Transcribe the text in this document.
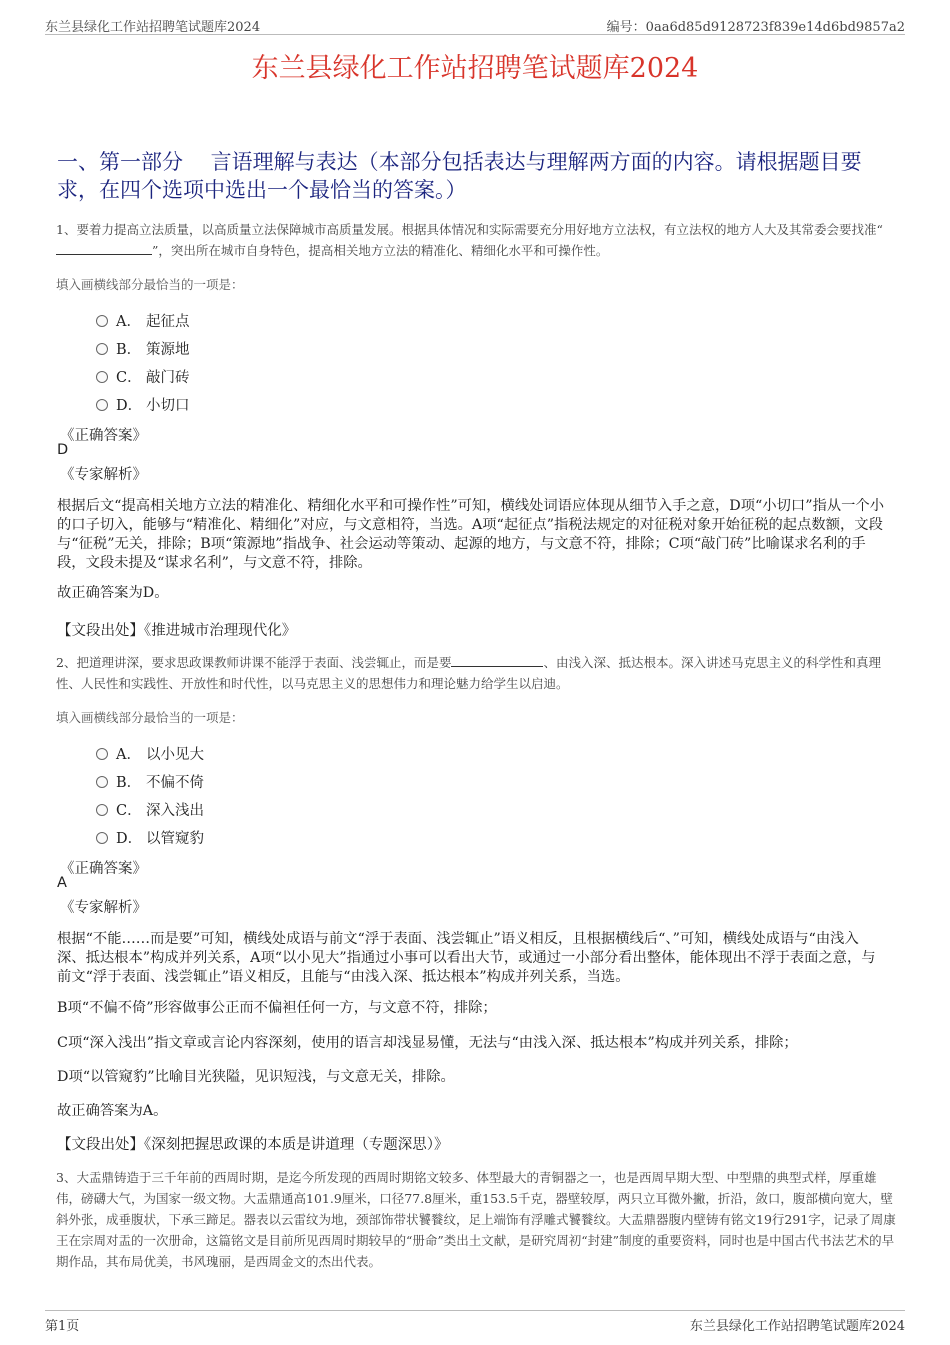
东兰县绿化工作站招聘笔试题库2024	编号：0aa6d85d9128723f839e14d6bd9857a2
东兰县绿化工作站招聘笔试题库2024
一、第一部分　 言语理解与表达（本部分包括表达与理解两方面的内容。请根据题目要求，在四个选项中选出一个最恰当的答案。）
1、要着力提高立法质量，以高质量立法保障城市高质量发展。根据具体情况和实际需要充分用好地方立法权，有立法权的地方人大及其常委会要找准“”，突出所在城市自身特色，提高相关地方立法的精准化、精细化水平和可操作性。
填入画横线部分最恰当的一项是：
A． 起征点
B． 策源地
C． 敲门砖
D． 小切口
《正确答案》
D
《专家解析》
根据后文“提高相关地方立法的精准化、精细化水平和可操作性”可知，横线处词语应体现从细节入手之意，D项“小切口”指从一个小的口子切入，能够与“精准化、精细化”对应，与文意相符，当选。A项“起征点”指税法规定的对征税对象开始征税的起点数额，文段与“征税”无关，排除；B项“策源地”指战争、社会运动等策动、起源的地方，与文意不符，排除；C项“敲门砖”比喻谋求名利的手段，文段未提及“谋求名利”，与文意不符，排除。
故正确答案为D。
【文段出处】《推进城市治理现代化》
2、把道理讲深，要求思政课教师讲课不能浮于表面、浅尝辄止，而是要	、由浅入深、抵达根本。深入讲述马克思主义的科学性和真理性、人民性和实践性、开放性和时代性，以马克思主义的思想伟力和理论魅力给学生以启迪。
填入画横线部分最恰当的一项是：
A． 以小见大
B． 不偏不倚
C． 深入浅出
D． 以管窥豹
《正确答案》
A
《专家解析》
根据“不能……而是要”可知，横线处成语与前文“浮于表面、浅尝辄止”语义相反，且根据横线后“、”可知，横线处成语与“由浅入深、抵达根本”构成并列关系，A项“以小见大”指通过小事可以看出大节，或通过一小部分看出整体，能体现出不浮于表面之意，与前文“浮于表面、浅尝辄止”语义相反，且能与“由浅入深、抵达根本”构成并列关系，当选。
B项“不偏不倚”形容做事公正而不偏袒任何一方，与文意不符，排除；
C项“深入浅出”指文章或言论内容深刻，使用的语言却浅显易懂，无法与“由浅入深、抵达根本”构成并列关系，排除；
D项“以管窥豹”比喻目光狭隘，见识短浅，与文意无关，排除。
故正确答案为A。
【文段出处】《深刻把握思政课的本质是讲道理（专题深思）》
3、大盂鼎铸造于三千年前的西周时期，是迄今所发现的西周时期铭文较多、体型最大的青铜器之一，也是西周早期大型、中型鼎的典型式样，厚重雄伟，磅礴大气，为国家一级文物。大盂鼎通高101.9厘米，口径77.8厘米，重153.5千克，器壁较厚，两只立耳微外撇，折沿，敛口，腹部横向宽大，壁斜外张，成垂腹状，下承三蹄足。器表以云雷纹为地，颈部饰带状饕餮纹，足上端饰有浮雕式饕餮纹。大盂鼎器腹内壁铸有铭文19行291字，记录了周康王在宗周对盂的一次册命，这篇铭文是目前所见西周时期较早的“册命”类出土文献，是研究周初“封建”制度的重要资料，同时也是中国古代书法艺术的早期作品，其布局优美，书风瑰丽，是西周金文的杰出代表。
第1页	东兰县绿化工作站招聘笔试题库2024
